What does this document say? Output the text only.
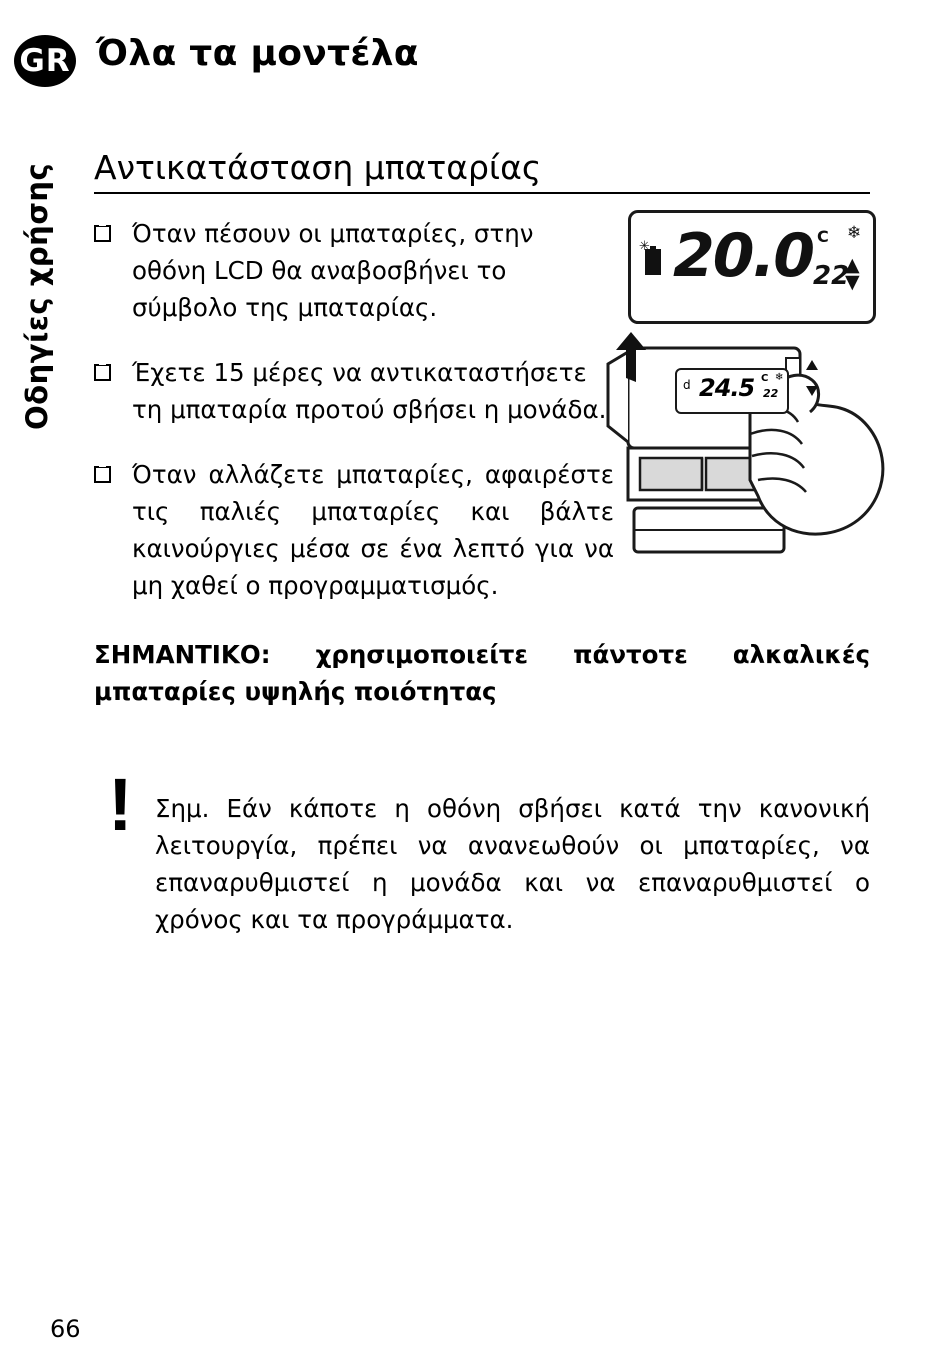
GR
Οδηγίες χρήσης
Όλα τα μοντέλα
Αντικατάσταση μπαταρίας
Όταν πέσουν οι μπαταρίες, στην οθόνη LCD θα αναβοσβήνει το σύμβολο της μπαταρίας.
Έχετε 15 μέρες να αντικαταστήσετε τη μπαταρία προτού σβήσει η μονάδα.
Όταν αλλάζετε μπαταρίες, αφαιρέστε τις παλιές μπαταρίες και βάλτε καινούργιες μέσα σε ένα λεπτό για να μη χαθεί ο προγραμματισμός.
ΣΗΜΑΝΤΙΚΟ: χρησιμοποιείτε πάντοτε αλκαλικές μπαταρίες υψηλής ποιότητας
! Σημ. Εάν κάποτε η οθόνη σβήσει κατά την κανονική λειτουργία, πρέπει να ανανεωθούν οι μπαταρίες, να επαναρυθμιστεί η μονάδα και να επαναρυθμιστεί ο χρόνος και τα προγράμματα.
66
✳ 20.0 C ❄
22
▲
▼
d 24.5 C ❄
22
